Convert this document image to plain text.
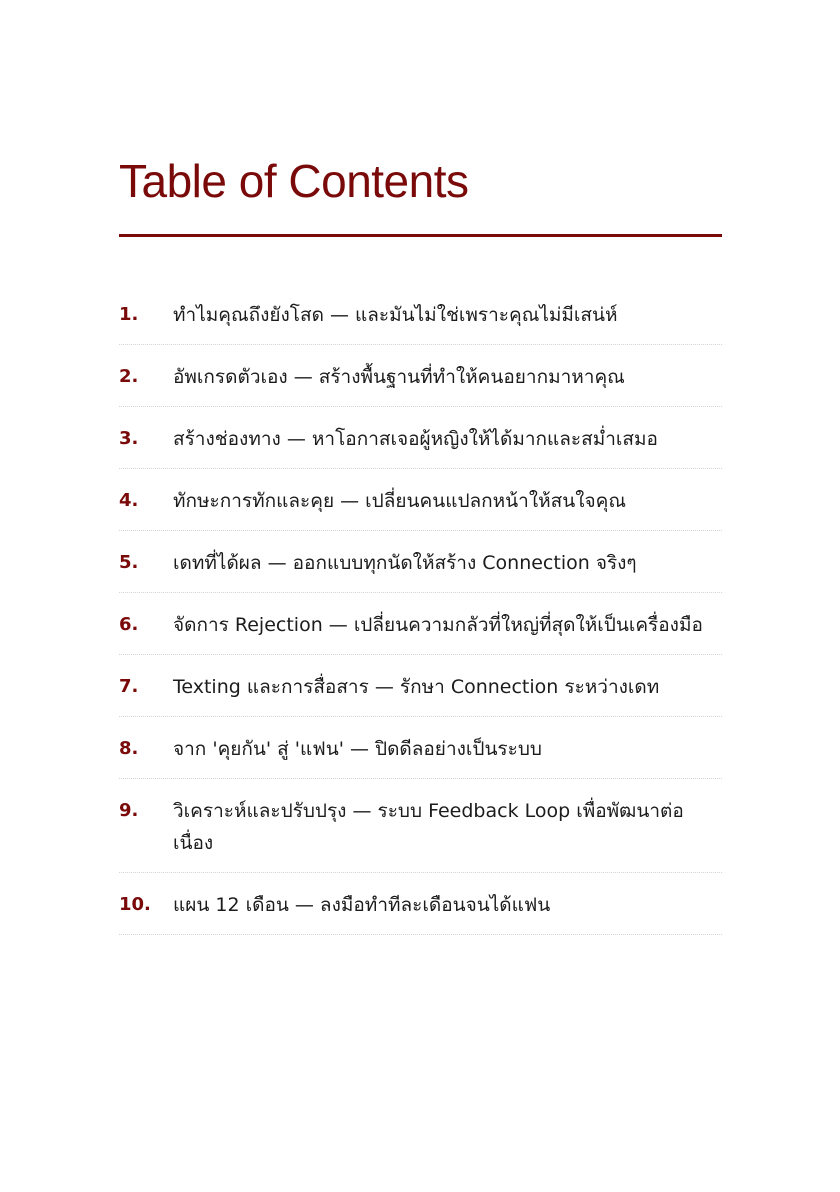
Table of Contents
1.	ทำไมคุณถึงยังโสด — และมันไม่ใช่เพราะคุณไม่มีเสน่ห์
2.	อัพเกรดตัวเอง — สร้างพื้นฐานที่ทำให้คนอยากมาหาคุณ
3.	สร้างช่องทาง — หาโอกาสเจอผู้หญิงให้ได้มากและสม่ำเสมอ
4.	ทักษะการทักและคุย — เปลี่ยนคนแปลกหน้าให้สนใจคุณ
5.	เดทที่ได้ผล — ออกแบบทุกนัดให้สร้าง Connection จริงๆ
6.	จัดการ Rejection — เปลี่ยนความกลัวที่ใหญ่ที่สุดให้เป็นเครื่องมือ
7.	Texting และการสื่อสาร — รักษา Connection ระหว่างเดท
8.	จาก 'คุยกัน' สู่ 'แฟน' — ปิดดีลอย่างเป็นระบบ
9.	วิเคราะห์และปรับปรุง — ระบบ Feedback Loop เพื่อพัฒนาต่อเนื่อง
10.	แผน 12 เดือน — ลงมือทำทีละเดือนจนได้แฟน
